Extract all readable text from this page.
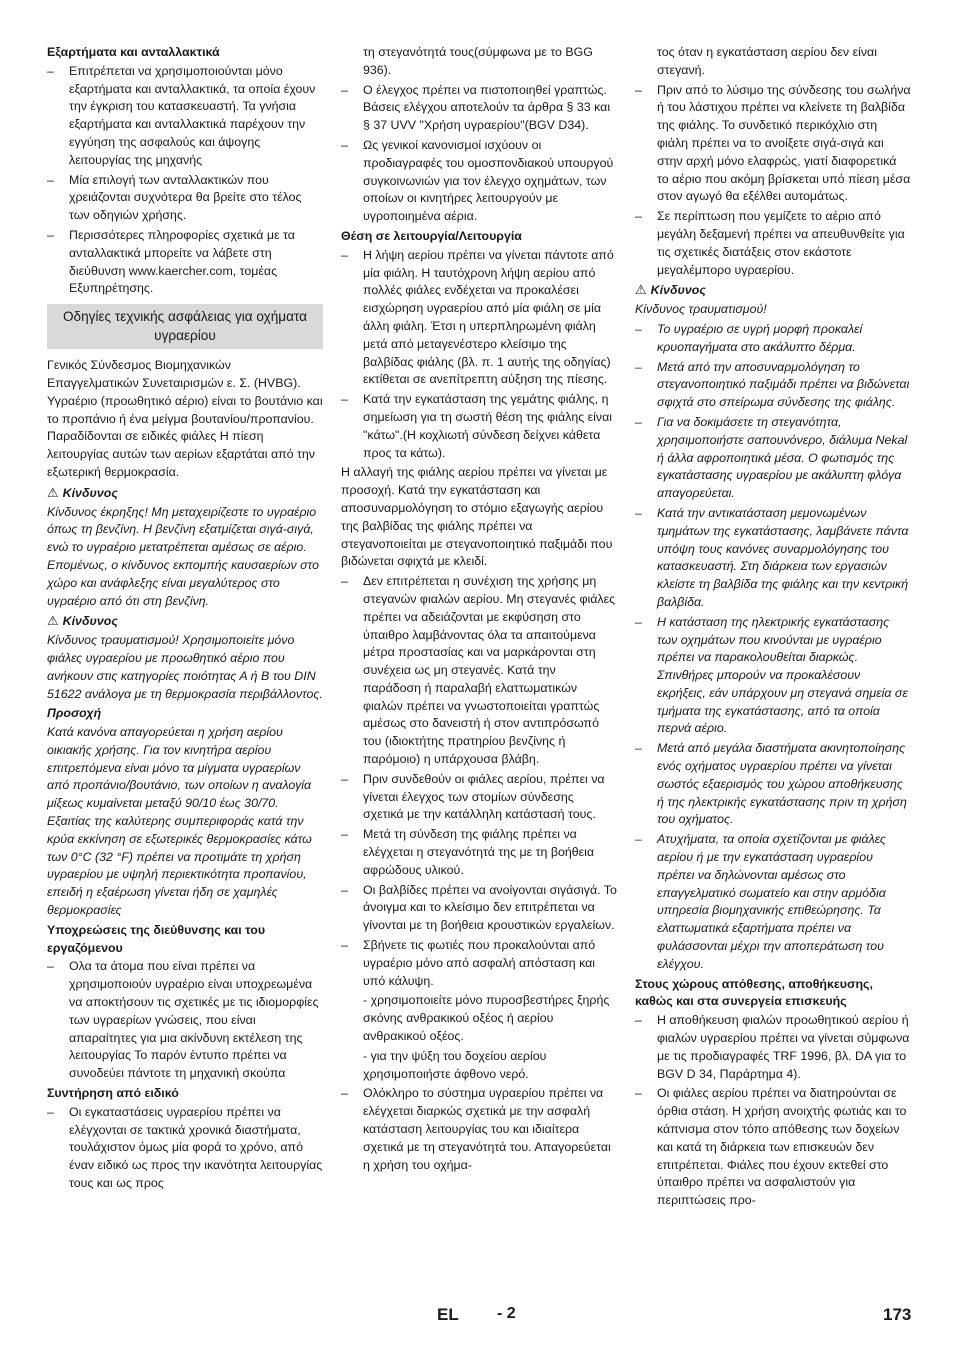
Εξαρτήματα και ανταλλακτικά
– Επιτρέπεται να χρησιμοποιούνται μόνο εξαρτήματα και ανταλλακτικά, τα οποία έχουν την έγκριση του κατασκευαστή. Τα γνήσια εξαρτήματα και ανταλλακτικά παρέχουν την εγγύηση της ασφαλούς και άψογης λειτουργίας της μηχανής
– Μία επιλογή των ανταλλακτικών που χρειάζονται συχνότερα θα βρείτε στο τέλος των οδηγιών χρήσης.
– Περισσότερες πληροφορίες σχετικά με τα ανταλλακτικά μπορείτε να λάβετε στη διεύθυνση www.kaercher.com, τομέας Εξυπηρέτησης.
Οδηγίες τεχνικής ασφάλειας για οχήματα υγραερίου
Γενικός Σύνδεσμος Βιομηχανικών Επαγγελματικών Συνεταιρισμών ε. Σ. (HVBG). Υγραέριο (προωθητικό αέριο) είναι το βουτάνιο και το προπάνιο ή ένα μείγμα βουτανίου/προπανίου. Παραδίδονται σε ειδικές φιάλες Η πίεση λειτουργίας αυτών των αερίων εξαρτάται από την εξωτερική θερμοκρασία.
⚠ Κίνδυνος
Κίνδυνος έκρηξης! Μη μεταχειρίζεστε το υγραέριο όπως τη βενζίνη. Η βενζίνη εξατμίζεται σιγά-σιγά, ενώ το υγραέριο μετατρέπεται αμέσως σε αέριο. Επομένως, ο κίνδυνος εκπομπής καυσαερίων στο χώρο και ανάφλεξης είναι μεγαλύτερος στο υγραέριο από ότι στη βενζίνη.
⚠ Κίνδυνος
Κίνδυνος τραυματισμού! Χρησιμοποιείτε μόνο φιάλες υγραερίου με προωθητικό αέριο που ανήκουν στις κατηγορίες ποιότητας Α ή Β του DIN 51622 ανάλογα με τη θερμοκρασία περιβάλλοντος.
Προσοχή
Κατά κανόνα απαγορεύεται η χρήση αερίου οικιακής χρήσης. Για τον κινητήρα αερίου επιτρεπόμενα είναι μόνο τα μίγματα υγραερίων από προπάνιο/βουτάνιο, των οποίων η αναλογία μίξεως κυμαίνεται μεταξύ 90/10 έως 30/70. Εξαιτίας της καλύτερης συμπεριφοράς κατά την κρύα εκκίνηση σε εξωτερικές θερμοκρασίες κάτω των 0°C (32 °F) πρέπει να προτιμάτε τη χρήση υγραερίου με υψηλή περιεκτικότητα προπανίου, επειδή η εξαέρωση γίνεται ήδη σε χαμηλές θερμοκρασίες
Υποχρεώσεις της διεύθυνσης και του εργαζόμενου
– Ολα τα άτομα που είναι πρέπει να χρησιμοποιούν υγραέριο είναι υποχρεωμένα να αποκτήσουν τις σχετικές με τις ιδιομορφίες των υγραερίων γνώσεις, που είναι απαραίτητες για μια ακίνδυνη εκτέλεση της λειτουργίας Το παρόν έντυπο πρέπει να συνοδεύει πάντοτε τη μηχανική σκούπα
Συντήρηση από ειδικό
– Οι εγκαταστάσεις υγραερίου πρέπει να ελέγχονται σε τακτικά χρονικά διαστήματα, τουλάχιστον όμως μία φορά το χρόνο, από έναν ειδικό ως προς την ικανότητα λειτουργίας τους και ως προς
τη στεγανότητά τους(σύμφωνα με το BGG 936).
– Ο έλεγχος πρέπει να πιστοποιηθεί γραπτώς. Βάσεις ελέγχου αποτελούν τα άρθρα § 33 και § 37 UVV "Χρήση υγραερίου"(BGV D34).
– Ως γενικοί κανονισμοί ισχύουν οι προδιαγραφές του ομοσπονδιακού υπουργού συγκοινωνιών για τον έλεγχο οχημάτων, των οποίων οι κινητήρες λειτουργούν με υγροποιημένα αέρια.
Θέση σε λειτουργία/Λειτουργία
– Η λήψη αερίου πρέπει να γίνεται πάντοτε από μία φιάλη. Η ταυτόχρονη λήψη αερίου από πολλές φιάλες ενδέχεται να προκαλέσει εισχώρηση υγραερίου από μία φιάλη σε μία άλλη φιάλη. Έτσι η υπερπληρωμένη φιάλη μετά από μεταγενέστερο κλείσιμο της βαλβίδας φιάλης (βλ. π. 1 αυτής της οδηγίας) εκτίθεται σε ανεπίτρεπτη αύξηση της πίεσης.
– Κατά την εγκατάσταση της γεμάτης φιάλης, η σημείωση για τη σωστή θέση της φιάλης είναι "κάτω".(Η κοχλιωτή σύνδεση δείχνει κάθετα προς τα κάτω).
Η αλλαγή της φιάλης αερίου πρέπει να γίνεται με προσοχή. Κατά την εγκατάσταση και αποσυναρμολόγηση το στόμιο εξαγωγής αερίου της βαλβίδας της φιάλης πρέπει να στεγανοποιείται με στεγανοποιητικό παξιμάδι που βιδώνεται σφιχτά με κλειδί.
– Δεν επιτρέπεται η συνέχιση της χρήσης μη στεγανών φιαλών αερίου. Μη στεγανές φιάλες πρέπει να αδειάζονται με εκφύσηση στο ύπαιθρο λαμβάνοντας όλα τα απαιτούμενα μέτρα προστασίας και να μαρκάρονται στη συνέχεια ως μη στεγανές. Κατά την παράδοση ή παραλαβή ελαττωματικών φιαλών πρέπει να γνωστοποιείται γραπτώς αμέσως στο δανειστή ή στον αντιπρόσωπό του (ιδιοκτήτης πρατηρίου βενζίνης ή παρόμοιο) η υπάρχουσα βλάβη.
– Πριν συνδεθούν οι φιάλες αερίου, πρέπει να γίνεται έλεγχος των στομίων σύνδεσης σχετικά με την κατάλληλη κατάστασή τους.
– Μετά τη σύνδεση της φιάλης πρέπει να ελέγχεται η στεγανότητά της με τη βοήθεια αφρώδους υλικού.
– Οι βαλβίδες πρέπει να ανοίγονται σιγάσιγά. Το άνοιγμα και το κλείσιμο δεν επιτρέπεται να γίνονται με τη βοήθεια κρουστικών εργαλείων.
– Σβήνετε τις φωτιές που προκαλούνται από υγραέριο μόνο από ασφαλή απόσταση και υπό κάλυψη.
- χρησιμοποιείτε μόνο πυροσβεστήρες ξηρής σκόνης ανθρακικού οξέος ή αερίου ανθρακικού οξέος.
- για την ψύξη του δοχείου αερίου χρησιμοποιήστε άφθονο νερό.
– Ολόκληρο το σύστημα υγραερίου πρέπει να ελέγχεται διαρκώς σχετικά με την ασφαλή κατάσταση λειτουργίας του και ιδιαίτερα σχετικά με τη στεγανότητά του. Απαγορεύεται η χρήση του οχήμα-
τος όταν η εγκατάσταση αερίου δεν είναι στεγανή.
– Πριν από το λύσιμο της σύνδεσης του σωλήνα ή του λάστιχου πρέπει να κλείνετε τη βαλβίδα της φιάλης. Το συνδετικό περικόχλιο στη φιάλη πρέπει να το ανοίξετε σιγά-σιγά και στην αρχή μόνο ελαφρώς, γιατί διαφορετικά το αέριο που ακόμη βρίσκεται υπό πίεση μέσα στον αγωγό θα εξέλθει αυτομάτως.
– Σε περίπτωση που γεμίζετε το αέριο από μεγάλη δεξαμενή πρέπει να απευθυνθείτε για τις σχετικές διατάξεις στον εκάστοτε μεγαλέμπορο υγραερίου.
⚠ Κίνδυνος
Κίνδυνος τραυματισμού!
– Το υγραέριο σε υγρή μορφή προκαλεί κρυοπαγήματα στο ακάλυπτο δέρμα.
– Μετά από την αποσυναρμολόγηση το στεγανοποιητικό παξιμάδι πρέπει να βιδώνεται σφιχτά στο σπείρωμα σύνδεσης της φιάλης.
– Για να δοκιμάσετε τη στεγανότητα, χρησιμοποιήστε σαπουνόνερο, διάλυμα Nekal ή άλλα αφροποιητικά μέσα. Ο φωτισμός της εγκατάστασης υγραερίου με ακάλυπτη φλόγα απαγορεύεται.
– Κατά την αντικατάσταση μεμονωμένων τμημάτων της εγκατάστασης, λαμβάνετε πάντα υπόψη τους κανόνες συναρμολόγησης του κατασκευαστή. Στη διάρκεια των εργασιών κλείστε τη βαλβίδα της φιάλης και την κεντρική βαλβίδα.
– Η κατάσταση της ηλεκτρικής εγκατάστασης των οχημάτων που κινούνται με υγραέριο πρέπει να παρακολουθείται διαρκώς. Σπινθήρες μπορούν να προκαλέσουν εκρήξεις, εάν υπάρχουν μη στεγανά σημεία σε τμήματα της εγκατάστασης, από τα οποία περνά αέριο.
– Μετά από μεγάλα διαστήματα ακινητοποίησης ενός οχήματος υγραερίου πρέπει να γίνεται σωστός εξαερισμός του χώρου αποθήκευσης ή της ηλεκτρικής εγκατάστασης πριν τη χρήση του οχήματος.
– Ατυχήματα, τα οποία σχετίζονται με φιάλες αερίου ή με την εγκατάσταση υγραερίου πρέπει να δηλώνονται αμέσως στο επαγγελματικό σωματείο και στην αρμόδια υπηρεσία βιομηχανικής επιθεώρησης. Τα ελαττωματικά εξαρτήματα πρέπει να φυλάσσονται μέχρι την αποπεράτωση του ελέγχου.
Στους χώρους απόθεσης, αποθήκευσης, καθώς και στα συνεργεία επισκευής
– Η αποθήκευση φιαλών προωθητικού αερίου ή φιαλών υγραερίου πρέπει να γίνεται σύμφωνα με τις προδιαγραφές TRF 1996, βλ. DA για το BGV D 34, Παράρτημα 4).
– Οι φιάλες αερίου πρέπει να διατηρούνται σε όρθια στάση. Η χρήση ανοιχτής φωτιάς και το κάπνισμα στον τόπο απόθεσης των δοχείων και κατά τη διάρκεια των επισκευών δεν επιτρέπεται. Φιάλες που έχουν εκτεθεί στο ύπαιθρο πρέπει να ασφαλιστούν για περιπτώσεις προ-
EL - 2	173
